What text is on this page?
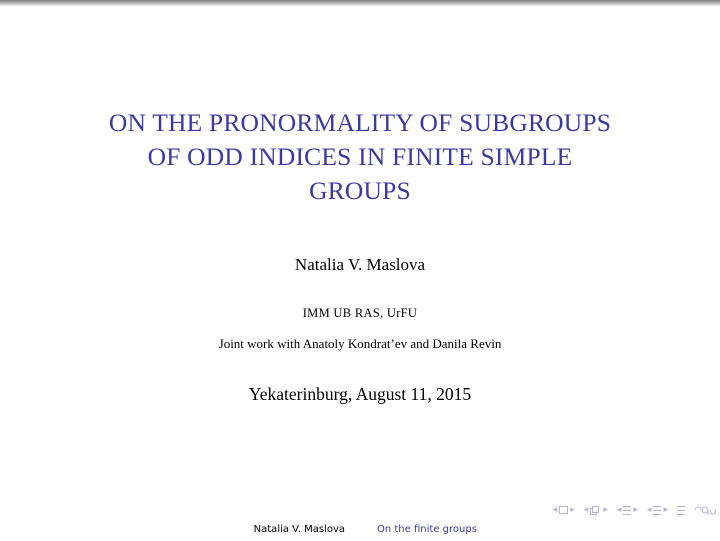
ON THE PRONORMALITY OF SUBGROUPS
OF ODD INDICES IN FINITE SIMPLE
GROUPS
Natalia V. Maslova
IMM UB RAS, UrFU
Joint work with Anatoly Kondrat’ev and Danila Revin
Yekaterinburg, August 11, 2015
◂ ▸ ◂ ▸ ◂ ▸ ◂ ▸
Natalia V. Maslova	On the finite groups
